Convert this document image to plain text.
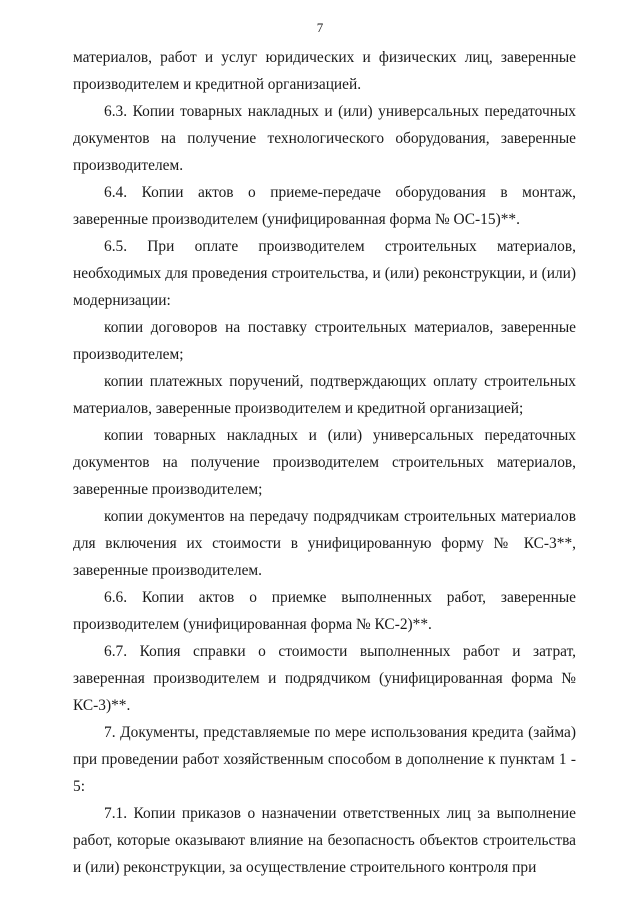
7

материалов, работ и услуг юридических и физических лиц, заверенные производителем и кредитной организацией.

6.3. Копии товарных накладных и (или) универсальных передаточных документов на получение технологического оборудования, заверенные производителем.

6.4. Копии актов о приеме-передаче оборудования в монтаж, заверенные производителем (унифицированная форма № ОС-15)**.

6.5. При оплате производителем строительных материалов, необходимых для проведения строительства, и (или) реконструкции, и (или) модернизации:

копии договоров на поставку строительных материалов, заверенные производителем;

копии платежных поручений, подтверждающих оплату строительных материалов, заверенные производителем и кредитной организацией;

копии товарных накладных и (или) универсальных передаточных документов на получение производителем строительных материалов, заверенные производителем;

копии документов на передачу подрядчикам строительных материалов для включения их стоимости в унифицированную форму № КС-3**, заверенные производителем.

6.6. Копии актов о приемке выполненных работ, заверенные производителем (унифицированная форма № КС-2)**.

6.7. Копия справки о стоимости выполненных работ и затрат, заверенная производителем и подрядчиком (унифицированная форма № КС-3)**.

7. Документы, представляемые по мере использования кредита (займа) при проведении работ хозяйственным способом в дополнение к пунктам 1 - 5:

7.1. Копии приказов о назначении ответственных лиц за выполнение работ, которые оказывают влияние на безопасность объектов строительства и (или) реконструкции, за осуществление строительного контроля при
